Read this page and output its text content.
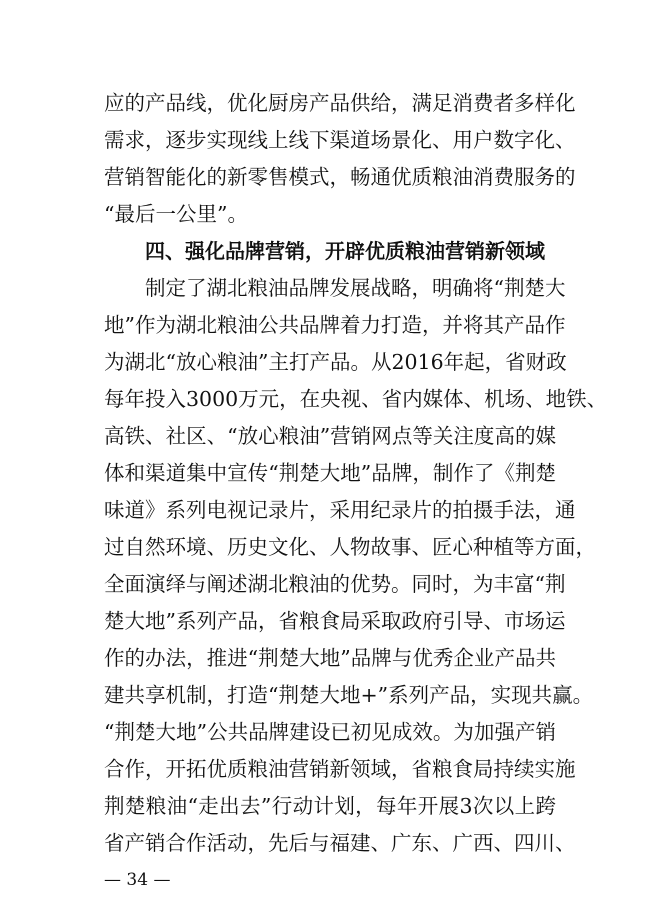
应的产品线，优化厨房产品供给，满足消费者多样化
需求，逐步实现线上线下渠道场景化、用户数字化、
营销智能化的新零售模式，畅通优质粮油消费服务的
“最后一公里”。
四、强化品牌营销，开辟优质粮油营销新领域
制定了湖北粮油品牌发展战略，明确将“荆楚大
地”作为湖北粮油公共品牌着力打造，并将其产品作
为湖北“放心粮油”主打产品。从2016年起，省财政
每年投入3000万元，在央视、省内媒体、机场、地铁、
高铁、社区、“放心粮油”营销网点等关注度高的媒
体和渠道集中宣传“荆楚大地”品牌，制作了《荆楚
味道》系列电视记录片，采用纪录片的拍摄手法，通
过自然环境、历史文化、人物故事、匠心种植等方面，
全面演绎与阐述湖北粮油的优势。同时，为丰富“荆
楚大地”系列产品，省粮食局采取政府引导、市场运
作的办法，推进“荆楚大地”品牌与优秀企业产品共
建共享机制，打造“荆楚大地+”系列产品，实现共赢。
“荆楚大地”公共品牌建设已初见成效。为加强产销
合作，开拓优质粮油营销新领域，省粮食局持续实施
荆楚粮油“走出去”行动计划，每年开展3次以上跨
省产销合作活动，先后与福建、广东、广西、四川、
— 34 —
